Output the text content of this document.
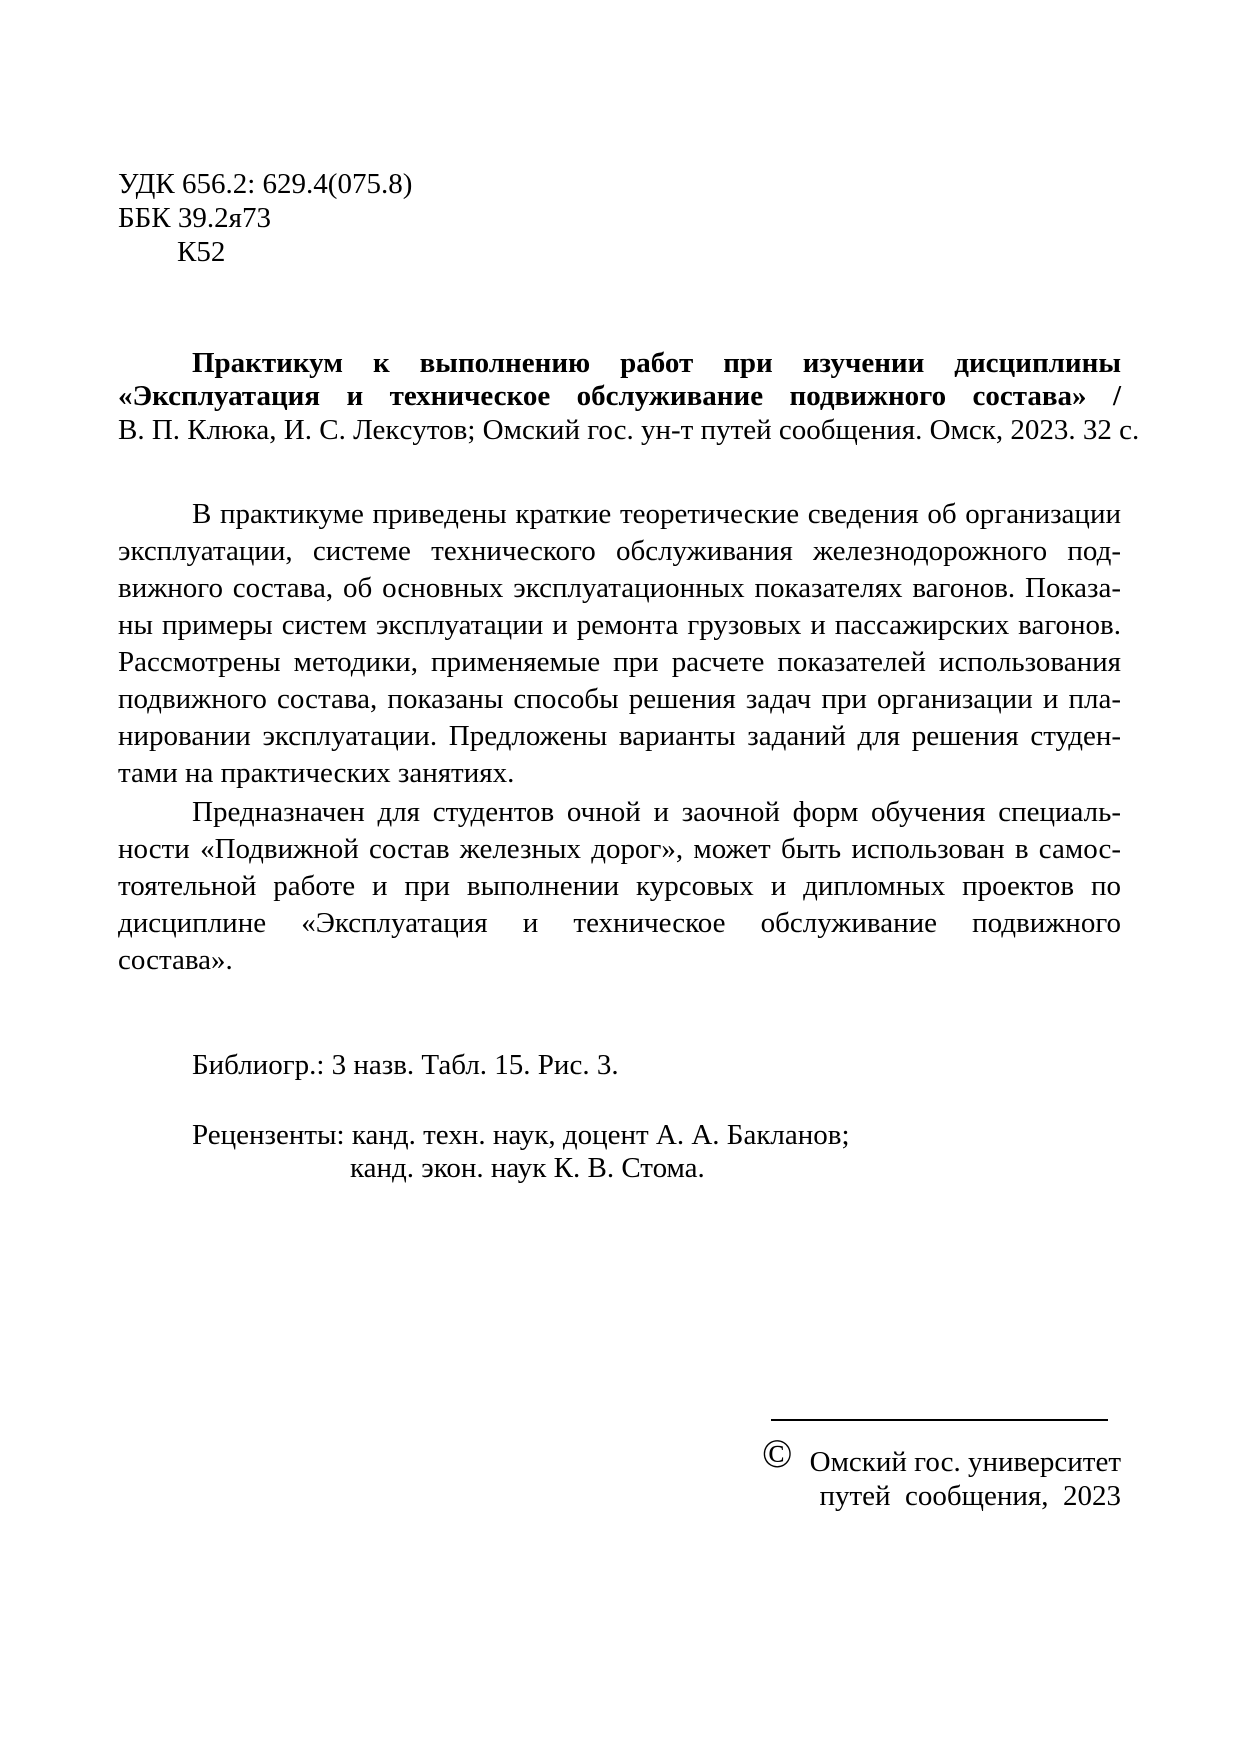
УДК 656.2: 629.4(075.8)
ББК 39.2я73
К52
Практикум к выполнению работ при изучении дисциплины
«Эксплуатация и техническое обслуживание подвижного состава» /
В. П. Клюка, И. С. Лекcутов; Омский гос. ун-т путей сообщения. Омск, 2023. 32 с.
В практикуме приведены краткие теоретические сведения об организации
эксплуатации, системе технического обслуживания железнодорожного под-
вижного состава, об основных эксплуатационных показателях вагонов. Показа-
ны примеры систем эксплуатации и ремонта грузовых и пассажирских вагонов.
Рассмотрены методики, применяемые при расчете показателей использования
подвижного состава, показаны способы решения задач при организации и пла-
нировании эксплуатации. Предложены варианты заданий для решения студен-
тами на практических занятиях.
Предназначен для студентов очной и заочной форм обучения специаль-
ности «Подвижной состав железных дорог», может быть использован в самос-
тоятельной работе и при выполнении курсовых и дипломных проектов по
дисциплине «Эксплуатация и техническое обслуживание подвижного
состава».
Библиогр.: 3 назв. Табл. 15. Рис. 3.
Рецензенты: канд. техн. наук, доцент А. А. Бакланов;
канд. экон. наук К. В. Стома.
© Омский гос. университет
путей  сообщения,  2023
